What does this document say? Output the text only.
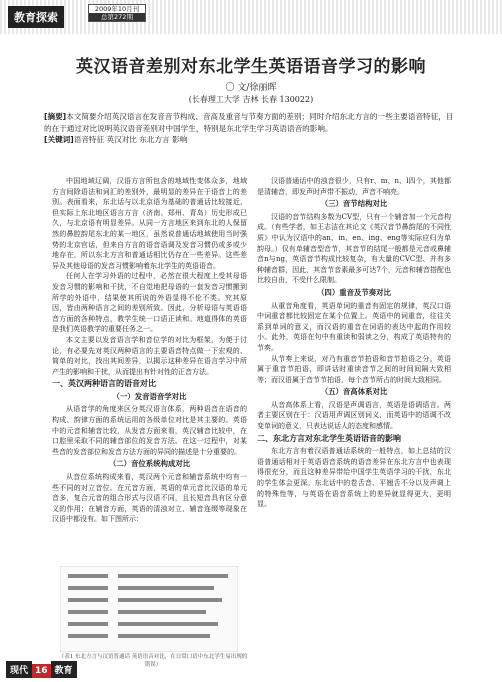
教育探索
2009年10月刊
总第272期
英汉语音差别对东北学生英语语音学习的影响
〇 文/徐丽晖
(长春理工大学 吉林 长春 130022)
[摘要]本文简要介绍英汉语言在发音音节构成、音高及重音与节奏方面的差别；同时介绍东北方言的一些主要语音特征，目的在于通过对比说明英汉语音差别对中国学生，特别是东北学生学习英语语音的影响。
[关键词]语音特征 英汉对比 东北方言 影响

中国地域辽阔，汉语方言所包含的地域性变体众多，地域方言间除语法和词汇的差别外，最明显的差异在于语音上的差别。表面看来，东北话与以北京语为基础的普通话比较接近，但实际上东北地区语言方言（济南、郑州、青岛）历史形成已久，与北京语有明显差异。从同一方言地区来到东北的人保留然的鼻腔韵尾东北的某一地区，虽然说普通话地域使用当时强势的北京官话，但来自方言的语音语调及发音习惯仍或多或少地存在，所以东北方言和普通话相比仍存在一些差异。这些差异及其他母语的发音习惯影响着东北学生的英语语音。

任何人在学习外语的过程中，必然在很大程度上受其母语发音习惯的影响和干扰，不自觉地把母语的一套发音习惯搬到所学的外语中，结果使其所说的外语显得不伦不类。究其原因，皆由两种语言之间的差别所致。因此，分析母语与英语语音方面的各种特点，教学生统一口语正读和。地道得体的英语是我们英语教学的重要任务之一。

本文主要以发音语言学和音位学的对比为框架，为便于讨论，有必要先对英汉两种语言的主要语音特点做一下宏观的、简单的对比，找出其间差异，以揭示这种差异在语言学习中所产生的影响和干扰，从而提出有针对性的正音方法。

一、英汉两种语言的语音对比

（一）发音语音学对比

从语音学的角度来区分英汉语言体系，两种语音在语音的构成、韵律方面的系统运用的各级单位对比是其主要的。英语中的元音和辅音比较，从发音方面来看，英汉辅音比较中，在口腔里采取不同的辅音部位的发音方法。在这一过程中，对某些音的发音部位和发音方法方面的异同的描述是十分重要的。

（二）音位系统构成对比

从音位系统构成来看，英汉两个元音和辅音系统中均有一些不同的对立音位。在元音方面，英语的单元音比汉语的单元音多，复合元音的组合形式与汉语不同，且长短音具有区分意义的作用；在辅音方面，英语的清浊对立、辅音连缀等现象在汉语中都没有。如下图所示：

汉语普通话中的浊音很少，只有r、m、n、l四个，其他都是清辅音，即发声时声带不振动，声音不响亮。

（三）音节结构对比

汉语的音节结构多数为CV型，只有一个辅音加一个元音构成。（有些学者，如王志洁在其论文《英汉音节鼻韵尾的不同性质》中认为汉语中的an、in、en、ing、eng等实际应归为单韵母。）仅有单辅音型音节，其音节的结尾一般都是元音或鼻辅音n与ng，英语音节构成比较复杂，有大量的CVC型、并有多种辅音群，因此，其音节音素最多可达7个，元音和辅音搭配也比较自由，不受什么限制。

（四）重音及节奏对比

从重音角度看，英语单词的重音有固定的规律，英汉口语中词重音都比较固定在某个位置上。英语中的词重音，往往关系到单词的意义，而汉语的重音在词语的表达中起的作用较小。此外，英语在句中有重读和弱读之分，构成了英语特有的节奏。

从节奏上来说，对乃有重音节拍语和音节拍语之分。英语属于重音节拍语，即讲话时重读音节之间的时间间隔大致相等；而汉语属于音节节拍语，每个音节所占的时间大致相同。

（五）音高体系对比

从音高体系上看，汉语是声调语言，英语是语调语言。两者主要区别在于：汉语用声调区别词义，而英语中的语调不改变单词的意义，只表达说话人的态度和感情。

二、东北方言对东北学生英语语音的影响

东北方言有着汉语普通话系统的一般特点，如上总结的汉语普通话相对于英语语音系统的语音差异在东北方言中也表现得很充分，而且这种差异带给中国学生英语学习的干扰，东北的学生体会更深。东北话中的卷舌音、平翘舌不分以及声调上的特殊性等，与英语在语音系统上的差异就显得更大，更明显。

（表1 东北方言与汉语普通话 英语语音对比，在日常口语中东北学生易出现的错误）
现代 16 教育
